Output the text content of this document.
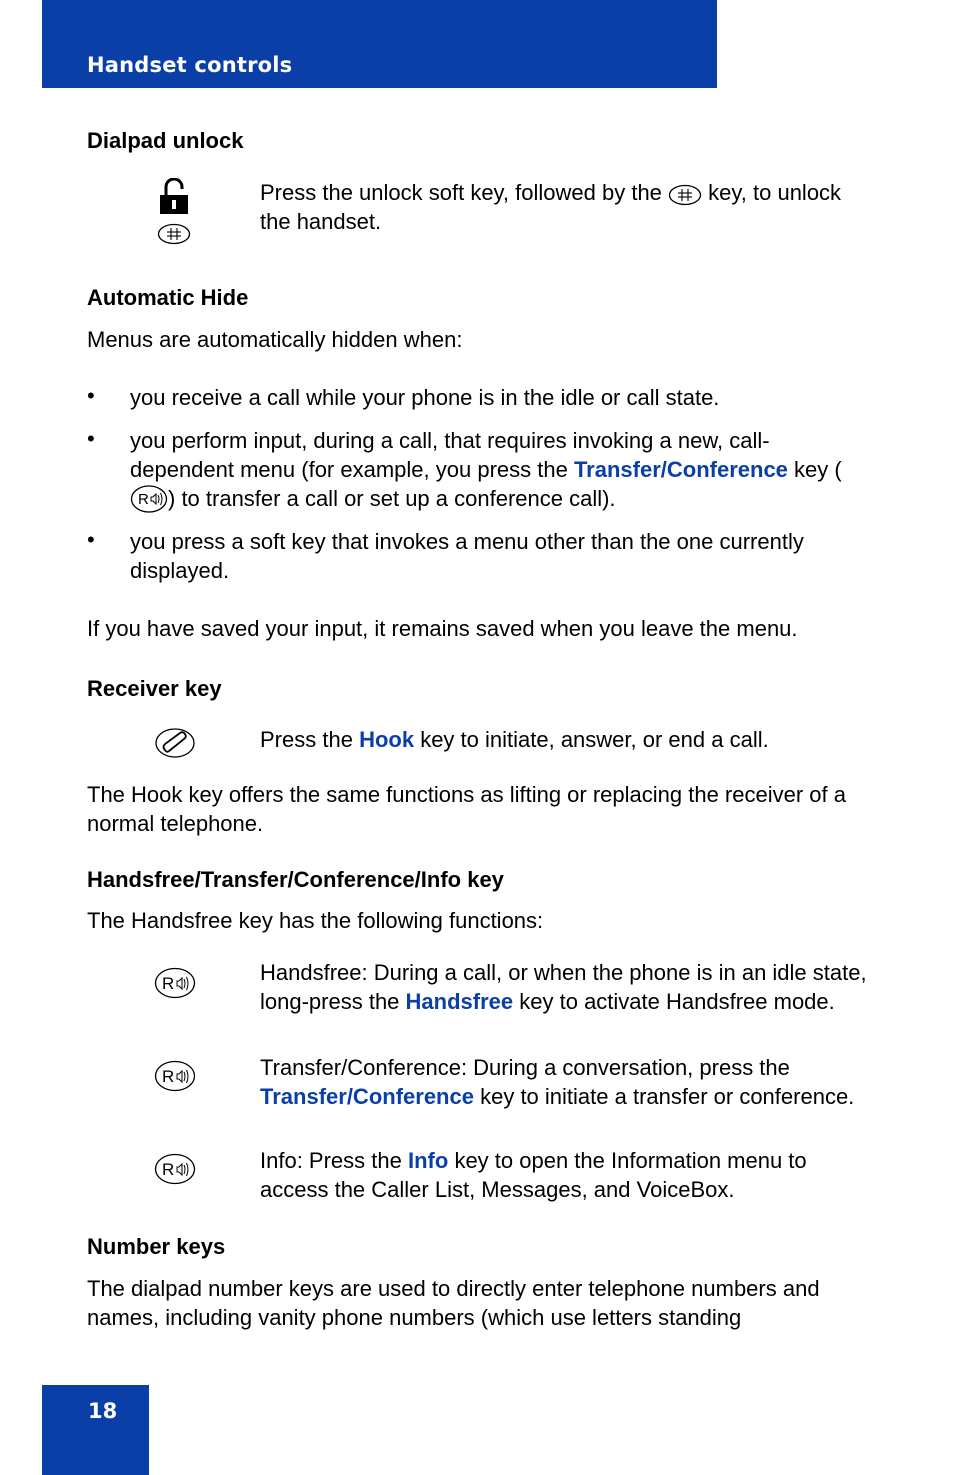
Handset controls
Dialpad unlock

Press the unlock soft key, followed by the key, to unlock the handset.

Automatic Hide

Menus are automatically hidden when:

• you receive a call while your phone is in the idle or call state.

• you perform input, during a call, that requires invoking a new, call-dependent menu (for example, you press the Transfer/Conference key (
R ) to transfer a call or set up a conference call).

• you press a soft key that invokes a menu other than the one currently displayed.

If you have saved your input, it remains saved when you leave the menu.

Receiver key

Press the Hook key to initiate, answer, or end a call.

The Hook key offers the same functions as lifting or replacing the receiver of a normal telephone.

Handsfree/Transfer/Conference/Info key

The Handsfree key has the following functions:

R	Handsfree: During a call, or when the phone is in an idle state, long-press the Handsfree key to activate Handsfree mode.

R	Transfer/Conference: During a conversation, press the Transfer/Conference key to initiate a transfer or conference.

R	Info: Press the Info key to open the Information menu to access the Caller List, Messages, and VoiceBox.

Number keys

The dialpad number keys are used to directly enter telephone numbers and names, including vanity phone numbers (which use letters standing

18
